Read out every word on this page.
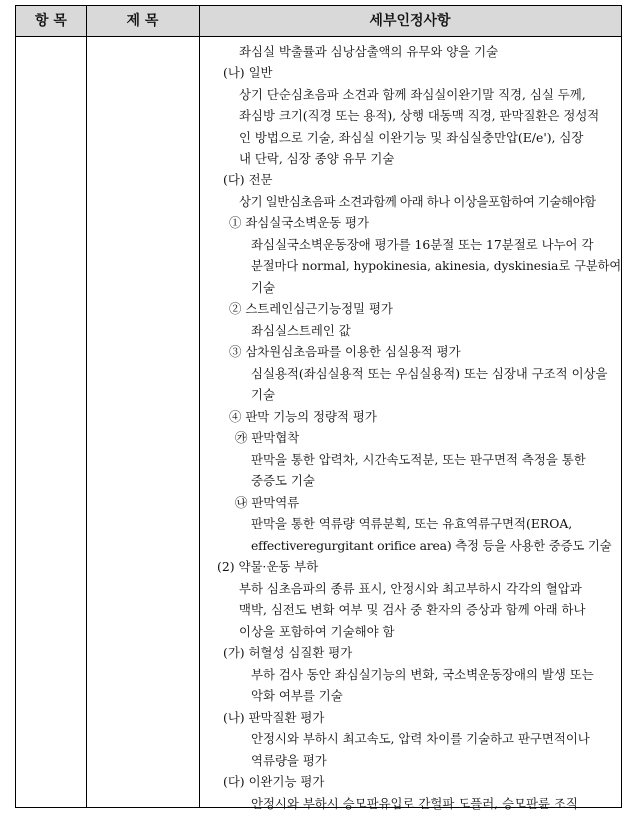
항 목	제 목	세부인정사항
좌심실 박출률과 심낭삼출액의 유무와 양을 기술
(나) 일반
상기 단순심초음파 소견과 함께 좌심실이완기말 직경, 심실 두께,
좌심방 크기(직경 또는 용적), 상행 대동맥 직경, 판막질환은 정성적
인 방법으로 기술, 좌심실 이완기능 및 좌심실충만압(E/e'), 심장
내 단락, 심장 종양 유무 기술
(다) 전문
상기 일반심초음파 소견과함께 아래 하나 이상을포함하여 기술해야함
① 좌심실국소벽운동 평가
좌심실국소벽운동장애 평가를 16분절 또는 17분절로 나누어 각
분절마다 normal, hypokinesia, akinesia, dyskinesia로 구분하여
기술
② 스트레인심근기능정밀 평가
좌심실스트레인 값
③ 삼차원심초음파를 이용한 심실용적 평가
심실용적(좌심실용적 또는 우심실용적) 또는 심장내 구조적 이상을
기술
④ 판막 기능의 정량적 평가
㉮ 판막협착
판막을 통한 압력차, 시간속도적분, 또는 판구면적 측정을 통한
중증도 기술
㉯ 판막역류
판막을 통한 역류량 역류분획, 또는 유효역류구면적(EROA,
effectiveregurgitant orifice area) 측정 등을 사용한 중증도 기술
(2) 약물·운동 부하
부하 심초음파의 종류 표시, 안정시와 최고부하시 각각의 혈압과
맥박, 심전도 변화 여부 및 검사 중 환자의 증상과 함께 아래 하나
이상을 포함하여 기술해야 함
(가) 허혈성 심질환 평가
부하 검사 동안 좌심실기능의 변화, 국소벽운동장애의 발생 또는
악화 여부를 기술
(나) 판막질환 평가
안정시와 부하시 최고속도, 압력 차이를 기술하고 판구면적이나
역류량을 평가
(다) 이완기능 평가
안정시와 부하시 승모판유입로 간헐파 도플러, 승모판륜 조직
